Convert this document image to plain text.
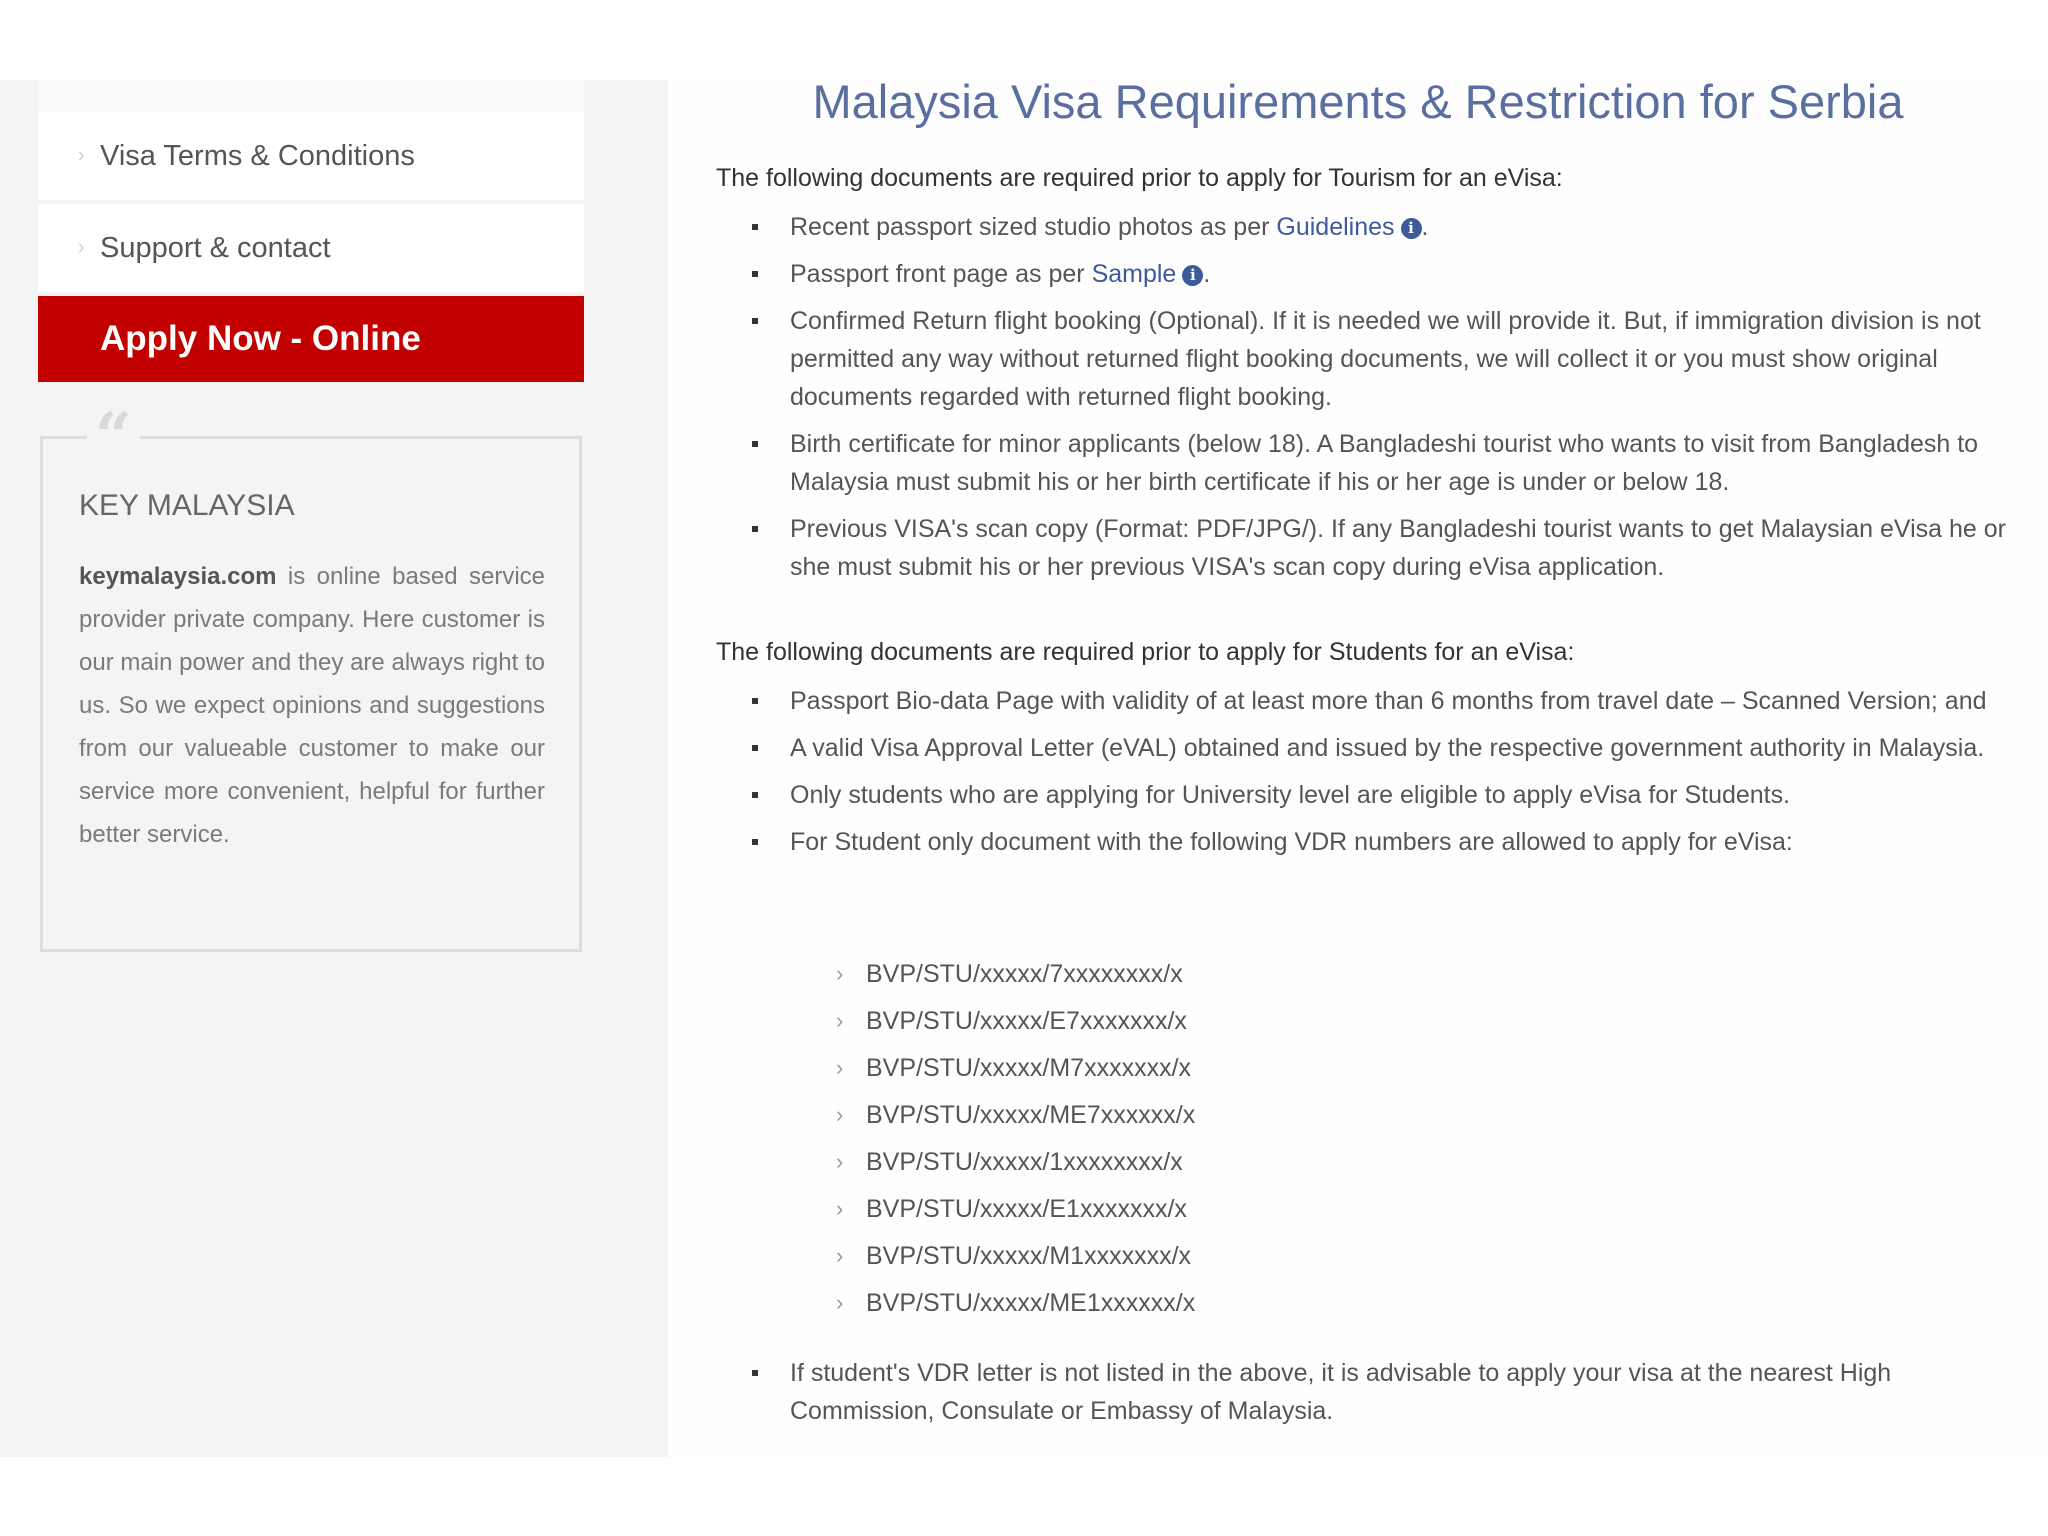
› Visa Terms & Conditions
› Support & contact
Apply Now - Online
“
KEY MALAYSIA

keymalaysia.com is online based service provider private company. Here customer is our main power and they are always right to us. So we expect opinions and suggestions from our valueable customer to make our service more convenient, helpful for further better service.

Malaysia Visa Requirements & Restriction for Serbia

The following documents are required prior to apply for Tourism for an eVisa:

Recent passport sized studio photos as per Guidelines i .
Passport front page as per Sample i .
Confirmed Return flight booking (Optional). If it is needed we will provide it. But, if immigration division is not permitted any way without returned flight booking documents, we will collect it or you must show original documents regarded with returned flight booking.
Birth certificate for minor applicants (below 18). A Bangladeshi tourist who wants to visit from Bangladesh to Malaysia must submit his or her birth certificate if his or her age is under or below 18.
Previous VISA's scan copy (Format: PDF/JPG/). If any Bangladeshi tourist wants to get Malaysian eVisa he or she must submit his or her previous VISA's scan copy during eVisa application.

The following documents are required prior to apply for Students for an eVisa:

Passport Bio-data Page with validity of at least more than 6 months from travel date – Scanned Version; and
A valid Visa Approval Letter (eVAL) obtained and issued by the respective government authority in Malaysia.
Only students who are applying for University level are eligible to apply eVisa for Students.
For Student only document with the following VDR numbers are allowed to apply for eVisa:
› BVP/STU/xxxxx/7xxxxxxxx/x
› BVP/STU/xxxxx/E7xxxxxxx/x
› BVP/STU/xxxxx/M7xxxxxxx/x
› BVP/STU/xxxxx/ME7xxxxxx/x
› BVP/STU/xxxxx/1xxxxxxxx/x
› BVP/STU/xxxxx/E1xxxxxxx/x
› BVP/STU/xxxxx/M1xxxxxxx/x
› BVP/STU/xxxxx/ME1xxxxxx/x
If student's VDR letter is not listed in the above, it is advisable to apply your visa at the nearest High Commission, Consulate or Embassy of Malaysia.
